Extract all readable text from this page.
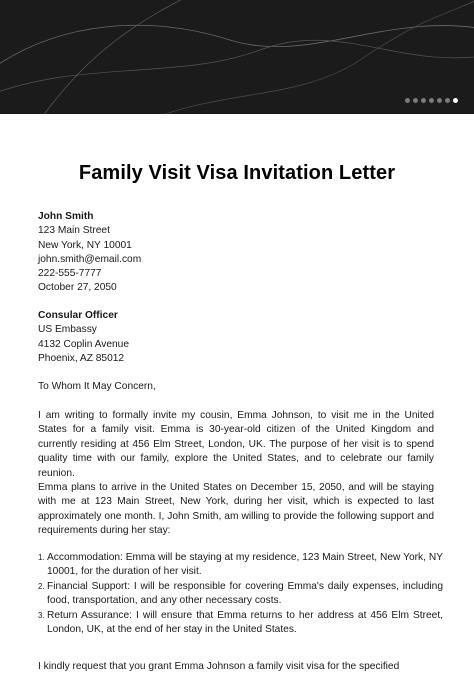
Family Visit Visa Invitation Letter
John Smith
123 Main Street
New York, NY 10001
john.smith@email.com
222-555-7777
October 27, 2050
Consular Officer
US Embassy
4132 Coplin Avenue
Phoenix, AZ 85012
To Whom It May Concern,
I am writing to formally invite my cousin, Emma Johnson, to visit me in the United States for a family visit. Emma is 30-year-old citizen of the United Kingdom and currently residing at 456 Elm Street, London, UK. The purpose of her visit is to spend quality time with our family, explore the United States, and to celebrate our family reunion.
Emma plans to arrive in the United States on December 15, 2050, and will be staying with me at 123 Main Street, New York, during her visit, which is expected to last approximately one month. I, John Smith, am willing to provide the following support and requirements during her stay:
1. Accommodation: Emma will be staying at my residence, 123 Main Street, New York, NY 10001, for the duration of her visit.
2. Financial Support: I will be responsible for covering Emma's daily expenses, including food, transportation, and any other necessary costs.
3. Return Assurance: I will ensure that Emma returns to her address at 456 Elm Street, London, UK, at the end of her stay in the United States.
I kindly request that you grant Emma Johnson a family visit visa for the specified
